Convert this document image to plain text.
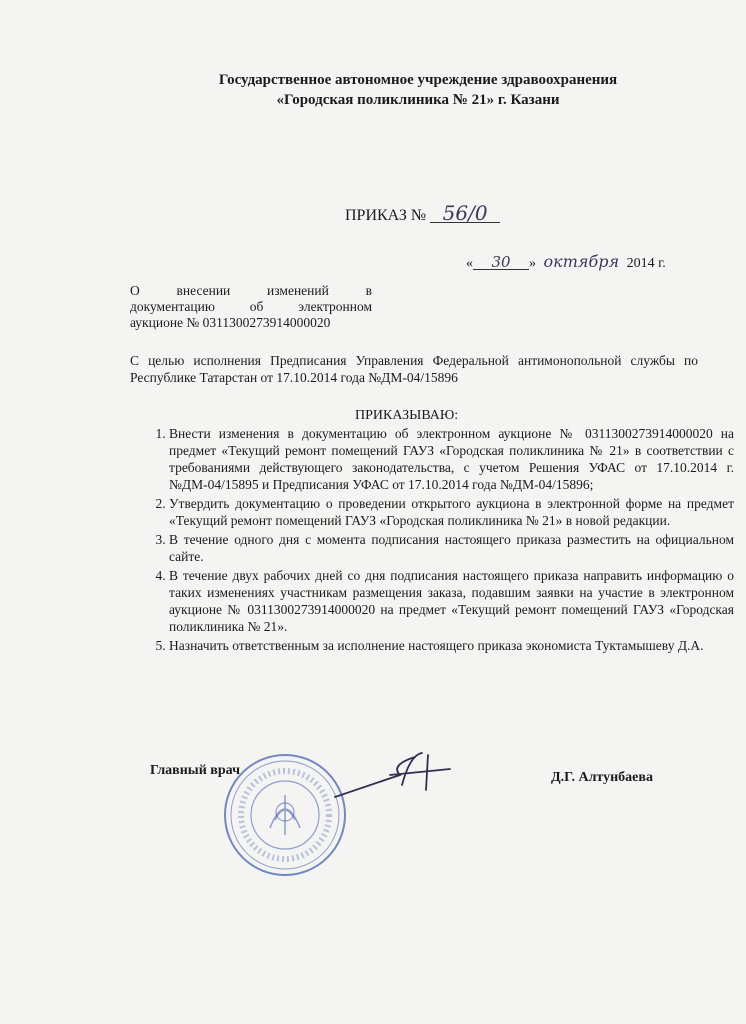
Государственное автономное учреждение здравоохранения
«Городская поликлиника № 21» г. Казани
ПРИКАЗ № 56/0
« 30 » октября 2014 г.
О внесении изменений в
документацию об электронном
аукционе № 0311300273914000020
С целью исполнения Предписания Управления Федеральной антимонопольной службы по Республике Татарстан от 17.10.2014 года №ДМ-04/15896
ПРИКАЗЫВАЮ:
1. Внести изменения в документацию об электронном аукционе № 0311300273914000020 на предмет «Текущий ремонт помещений ГАУЗ «Городская поликлиника № 21» в соответствии с требованиями действующего законодательства, с учетом Решения УФАС от 17.10.2014 г. №ДМ-04/15895 и Предписания УФАС от 17.10.2014 года №ДМ-04/15896;
2. Утвердить документацию о проведении открытого аукциона в электронной форме на предмет «Текущий ремонт помещений ГАУЗ «Городская поликлиника № 21» в новой редакции.
3. В течение одного дня с момента подписания настоящего приказа разместить на официальном сайте.
4. В течение двух рабочих дней со дня подписания настоящего приказа направить информацию о таких изменениях участникам размещения заказа, подавшим заявки на участие в электронном аукционе № 0311300273914000020 на предмет «Текущий ремонт помещений ГАУЗ «Городская поликлиника № 21».
5. Назначить ответственным за исполнение настоящего приказа экономиста Туктамышеву Д.А.
Главный врач	Д.Г. Алтунбаева
